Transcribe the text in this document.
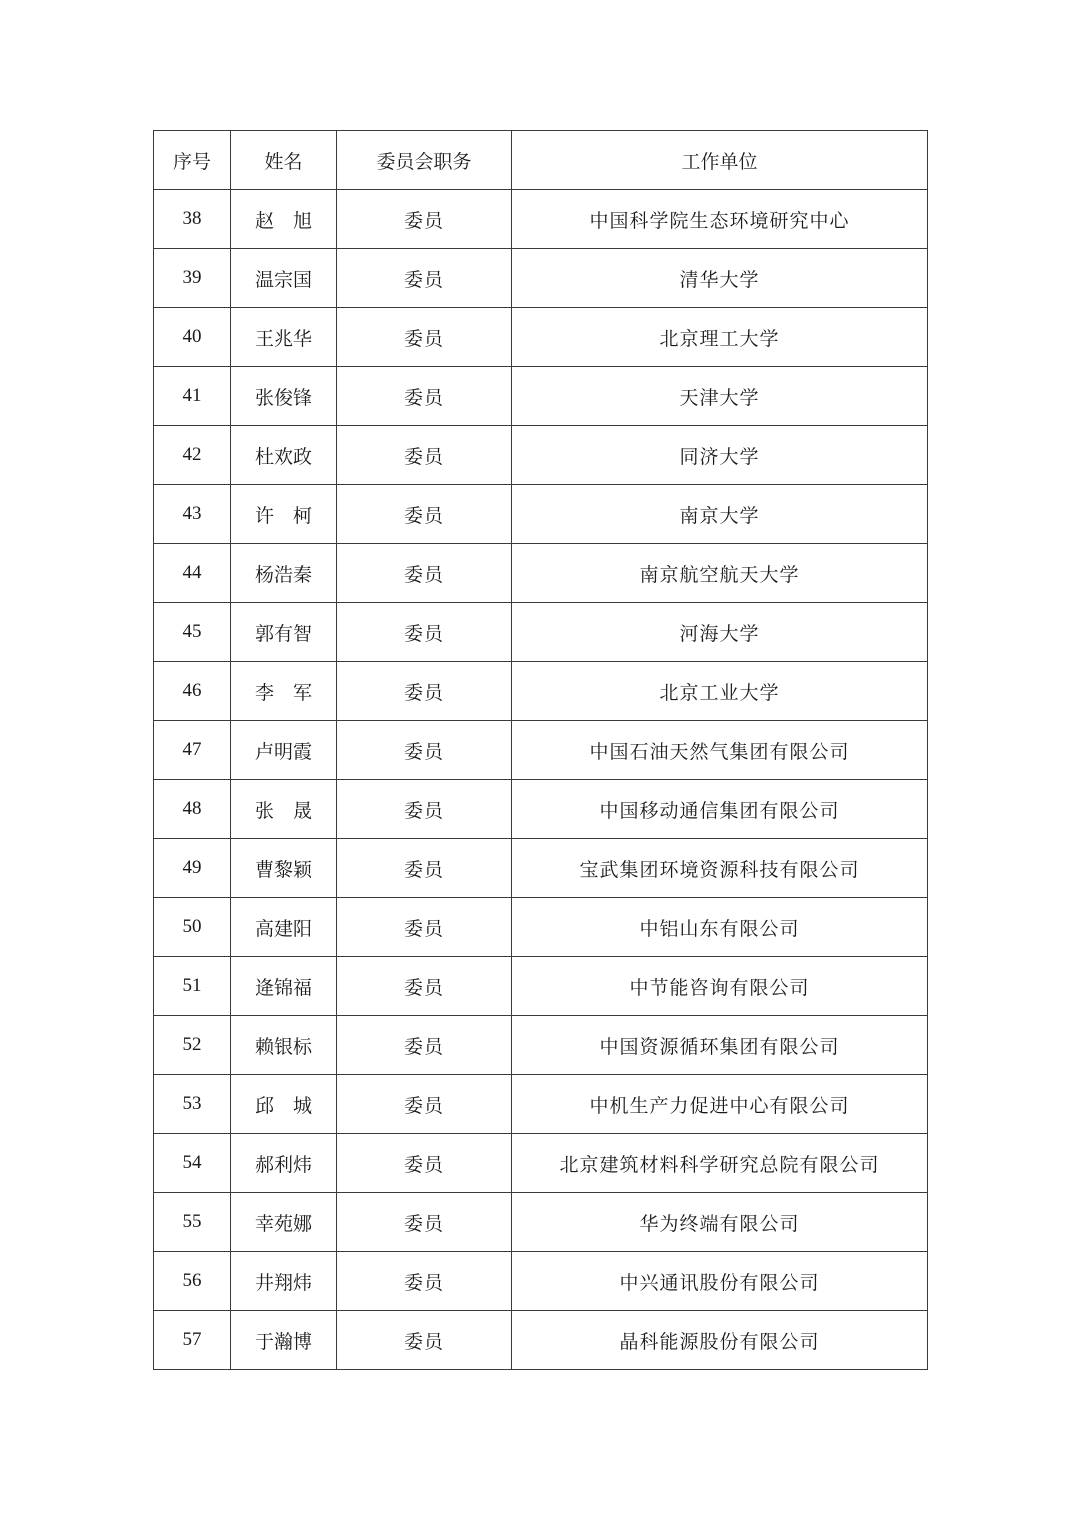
序号	姓名	委员会职务	工作单位
38	赵　旭	委员	中国科学院生态环境研究中心
39	温宗国	委员	清华大学
40	王兆华	委员	北京理工大学
41	张俊锋	委员	天津大学
42	杜欢政	委员	同济大学
43	许　柯	委员	南京大学
44	杨浩秦	委员	南京航空航天大学
45	郭有智	委员	河海大学
46	李　军	委员	北京工业大学
47	卢明霞	委员	中国石油天然气集团有限公司
48	张　晟	委员	中国移动通信集团有限公司
49	曹黎颖	委员	宝武集团环境资源科技有限公司
50	高建阳	委员	中铝山东有限公司
51	逄锦福	委员	中节能咨询有限公司
52	赖银标	委员	中国资源循环集团有限公司
53	邱　城	委员	中机生产力促进中心有限公司
54	郝利炜	委员	北京建筑材料科学研究总院有限公司
55	幸苑娜	委员	华为终端有限公司
56	井翔炜	委员	中兴通讯股份有限公司
57	于瀚博	委员	晶科能源股份有限公司
